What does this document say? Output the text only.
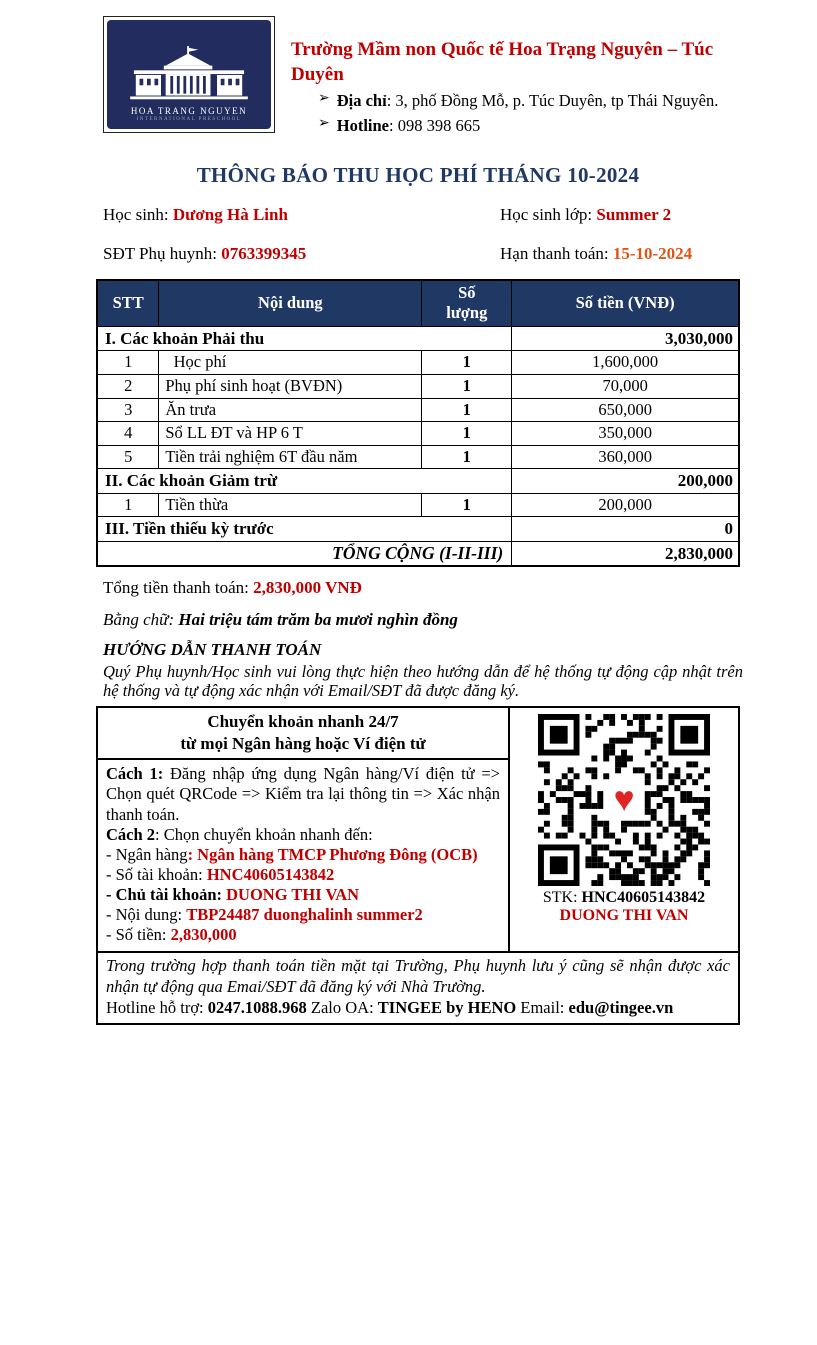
HOA TRANG NGUYEN
INTERNATIONAL PRESCHOOL
Trường Mầm non Quốc tế Hoa Trạng Nguyên – Túc Duyên
➢ Địa chỉ: 3, phố Đồng Mỗ, p. Túc Duyên, tp Thái Nguyên.
➢ Hotline: 098 398 665
THÔNG BÁO THU HỌC PHÍ THÁNG 10-2024
Học sinh: Dương Hà Linh	Học sinh lớp: Summer 2
SĐT Phụ huynh: 0763399345	Hạn thanh toán: 15-10-2024
STT	Nội dung	Số lượng	Số tiền (VNĐ)
I. Các khoản Phải thu			3,030,000
1	Học phí	1	1,600,000
2	Phụ phí sinh hoạt (BVĐN)	1	70,000
3	Ăn trưa	1	650,000
4	Sổ LL ĐT và HP 6 T	1	350,000
5	Tiền trải nghiệm 6T đầu năm	1	360,000
II. Các khoản Giảm trừ			200,000
1	Tiền thừa	1	200,000
III. Tiền thiếu kỳ trước			0
TỔNG CỘNG (I-II-III)			2,830,000
Tổng tiền thanh toán: 2,830,000 VNĐ
Bằng chữ: Hai triệu tám trăm ba mươi nghìn đồng
HƯỚNG DẪN THANH TOÁN
Quý Phụ huynh/Học sinh vui lòng thực hiện theo hướng dẫn để hệ thống tự động cập nhật trên hệ thống và tự động xác nhận với Email/SĐT đã được đăng ký.
Chuyển khoản nhanh 24/7
từ mọi Ngân hàng hoặc Ví điện tử

Cách 1: Đăng nhập ứng dụng Ngân hàng/Ví điện tử => Chọn quét QRCode => Kiểm tra lại thông tin => Xác nhận thanh toán.

Cách 2: Chọn chuyển khoản nhanh đến:

- Ngân hàng: Ngân hàng TMCP Phương Đông (OCB)

- Số tài khoản: HNC40605143842

- Chủ tài khoản: DUONG THI VAN

- Nội dung: TBP24487 duonghalinh summer2

- Số tiền: 2,830,000

♥
STK: HNC40605143842
DUONG THI VAN
Trong trường hợp thanh toán tiền mặt tại Trường, Phụ huynh lưu ý cũng sẽ nhận được xác nhận tự động qua Emai/SĐT đã đăng ký với Nhà Trường.
Hotline hỗ trợ: 0247.1088.968 Zalo OA: TINGEE by HENO Email: edu@tingee.vn
